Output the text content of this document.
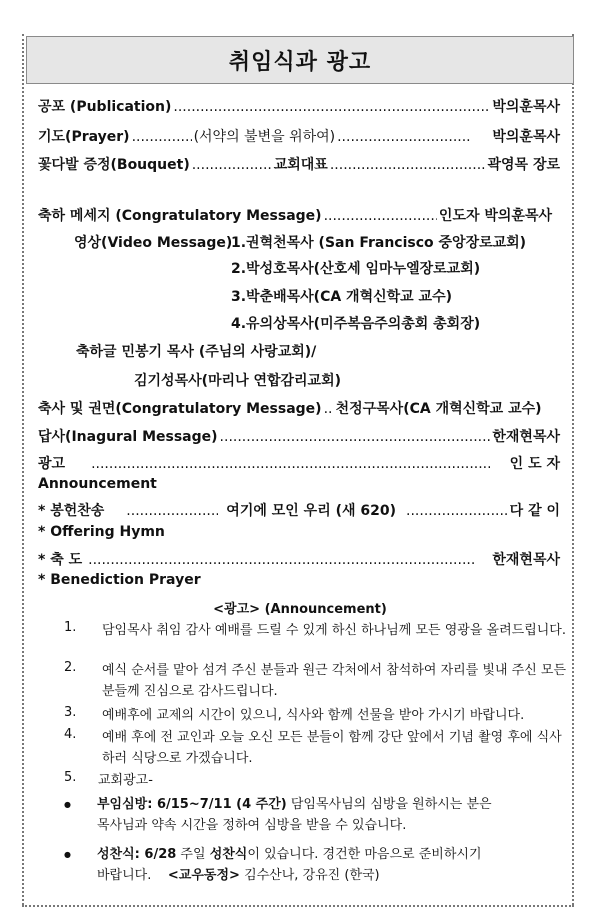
취임식과 광고
공포 (Publication) .....	박의훈목사
기도(Prayer) .....	(서약의 불변을 위하여) .....	박의훈목사
꽃다발 증정(Bouquet) .....	교회대표 .....	곽영목 장로
축하 메세지 (Congratulatory Message) .....	인도자 박의훈목사
영상(Video Message)
1.권혁천목사 (San Francisco 중앙장로교회)
2.박성호목사(산호세 임마누엘장로교회)
3.박춘배목사(CA 개혁신학교 교수)
4.유의상목사(미주복음주의총회 총회장)
축하글 민봉기 목사 (주님의 사랑교회)/
김기성목사(마리나 연합감리교회)
축사 및 권면(Congratulatory Message) ..... 천정구목사(CA 개혁신학교 교수)
답사(Inagural Message) .....	한재현목사
광고 .....	인 도 자
Announcement
* 봉헌찬송 .....	여기에 모인 우리 (새 620) .....	다 같 이
* Offering Hymn
* 축 도 .....	한재현목사
* Benediction Prayer
<광고> (Announcement)
1. 담임목사 취임 감사 예배를 드릴 수 있게 하신 하나님께 모든 영광을 올려드립니다.
2. 예식 순서를 맡아 섬겨 주신 분들과 원근 각처에서 참석하여 자리를 빛내 주신 모든 분들께 진심으로 감사드립니다.
3. 예배후에 교제의 시간이 있으니, 식사와 함께 선물을 받아 가시기 바랍니다.
4. 예배 후에 전 교인과 오늘 오신 모든 분들이 함께 강단 앞에서 기념 촬영 후에 식사하러 식당으로 가겠습니다.
5. 교회광고-
● 부임심방: 6/15~7/11 (4 주간) 담임목사님의 심방을 원하시는 분은
목사님과 약속 시간을 정하여 심방을 받을 수 있습니다.
● 성찬식: 6/28 주일 성찬식이 있습니다. 경건한 마음으로 준비하시기
바랍니다.    <교우동정> 김수산나, 강유진 (한국)
